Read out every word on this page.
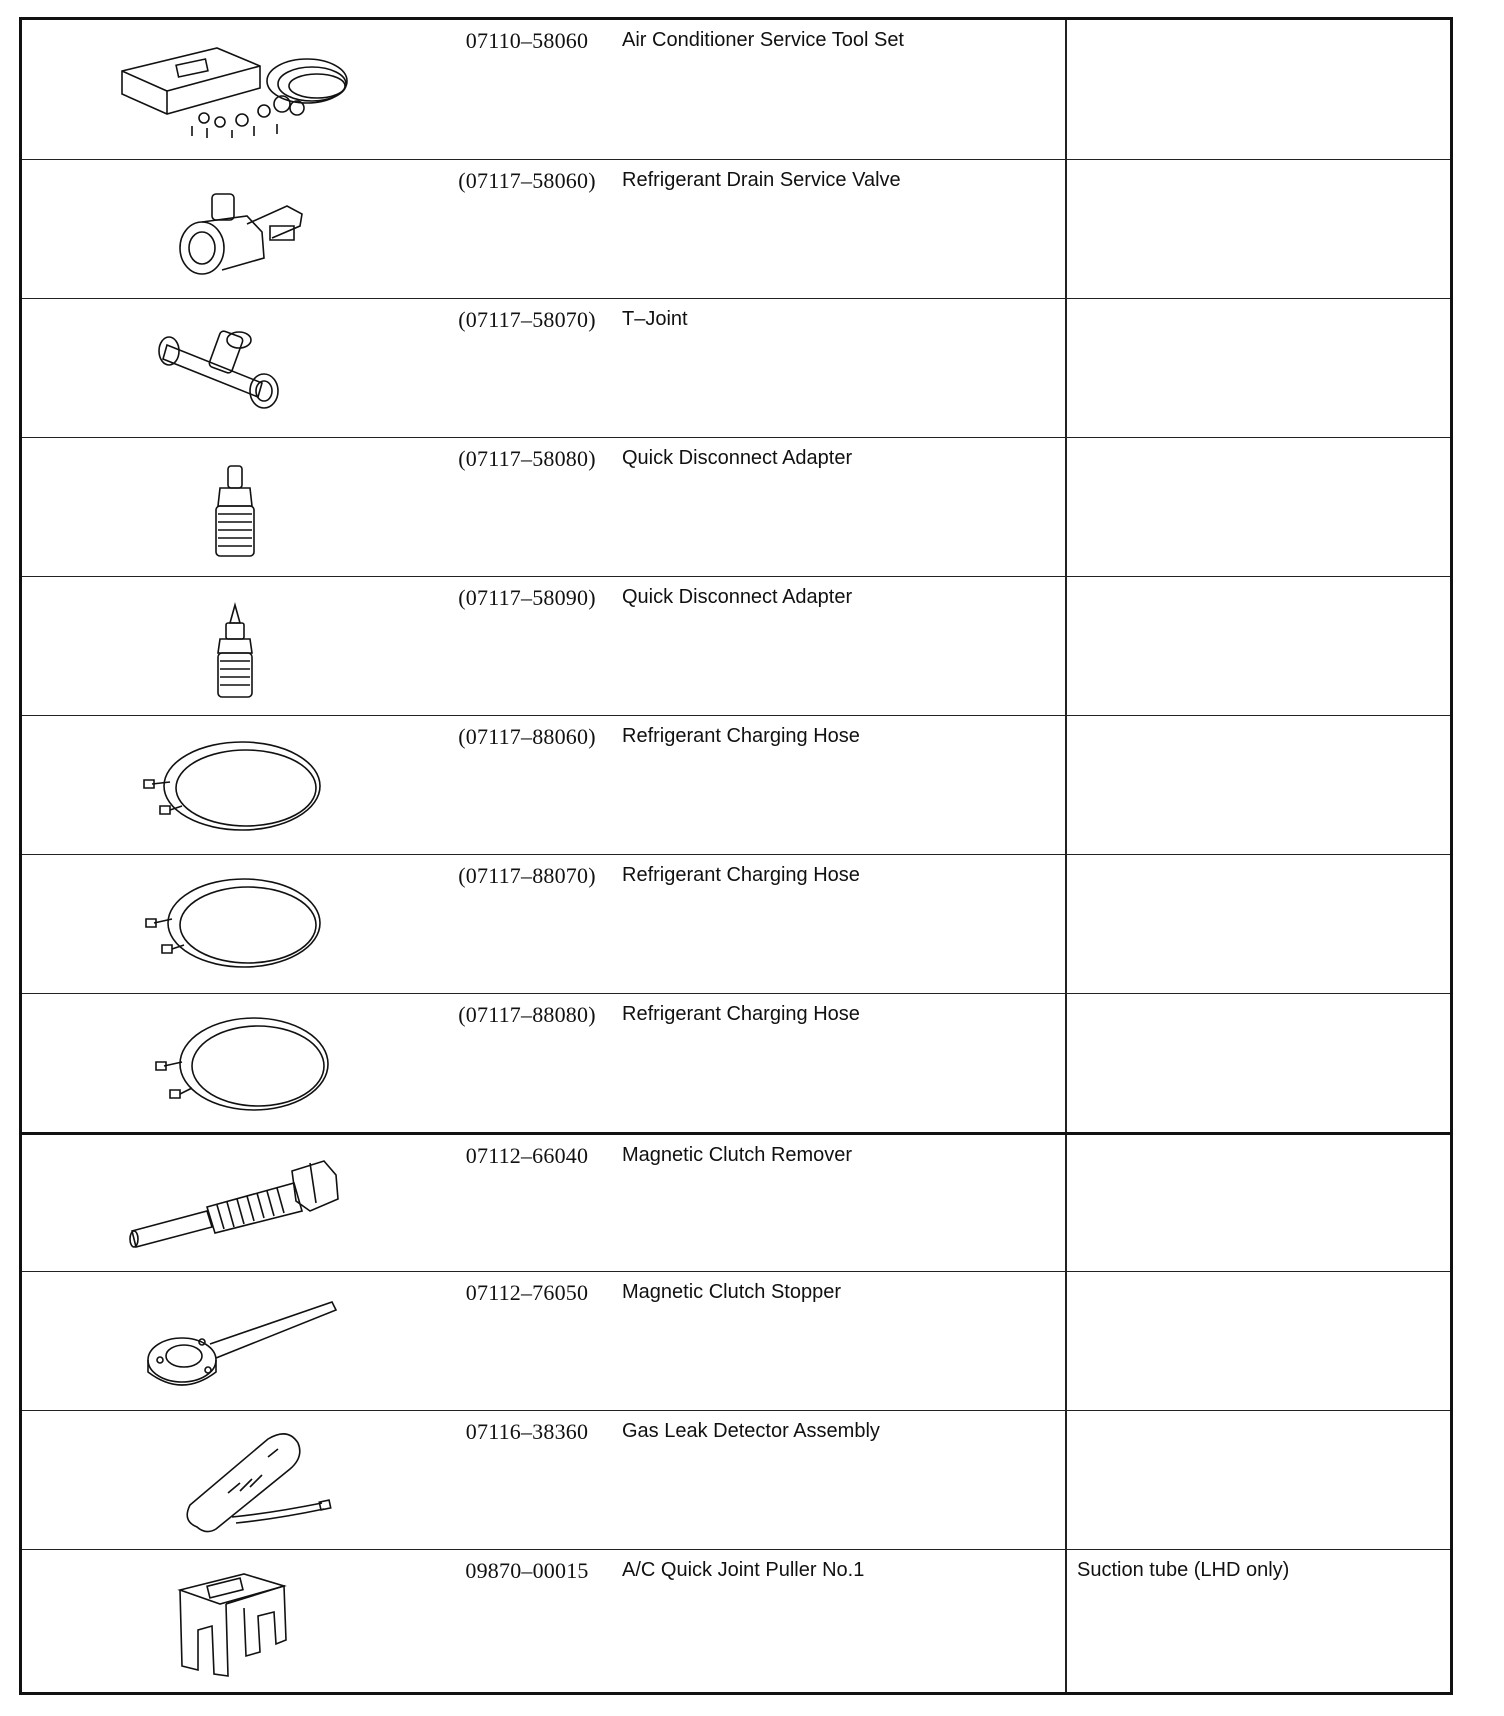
07110–58060	Air Conditioner Service Tool Set
(07117–58060)	Refrigerant Drain Service Valve
(07117–58070)	T–Joint
(07117–58080)	Quick Disconnect Adapter
(07117–58090)	Quick Disconnect Adapter
(07117–88060)	Refrigerant Charging Hose
(07117–88070)	Refrigerant Charging Hose
(07117–88080)	Refrigerant Charging Hose
07112–66040	Magnetic Clutch Remover
07112–76050	Magnetic Clutch Stopper
07116–38360	Gas Leak Detector Assembly
09870–00015	A/C Quick Joint Puller No.1	Suction tube (LHD only)
